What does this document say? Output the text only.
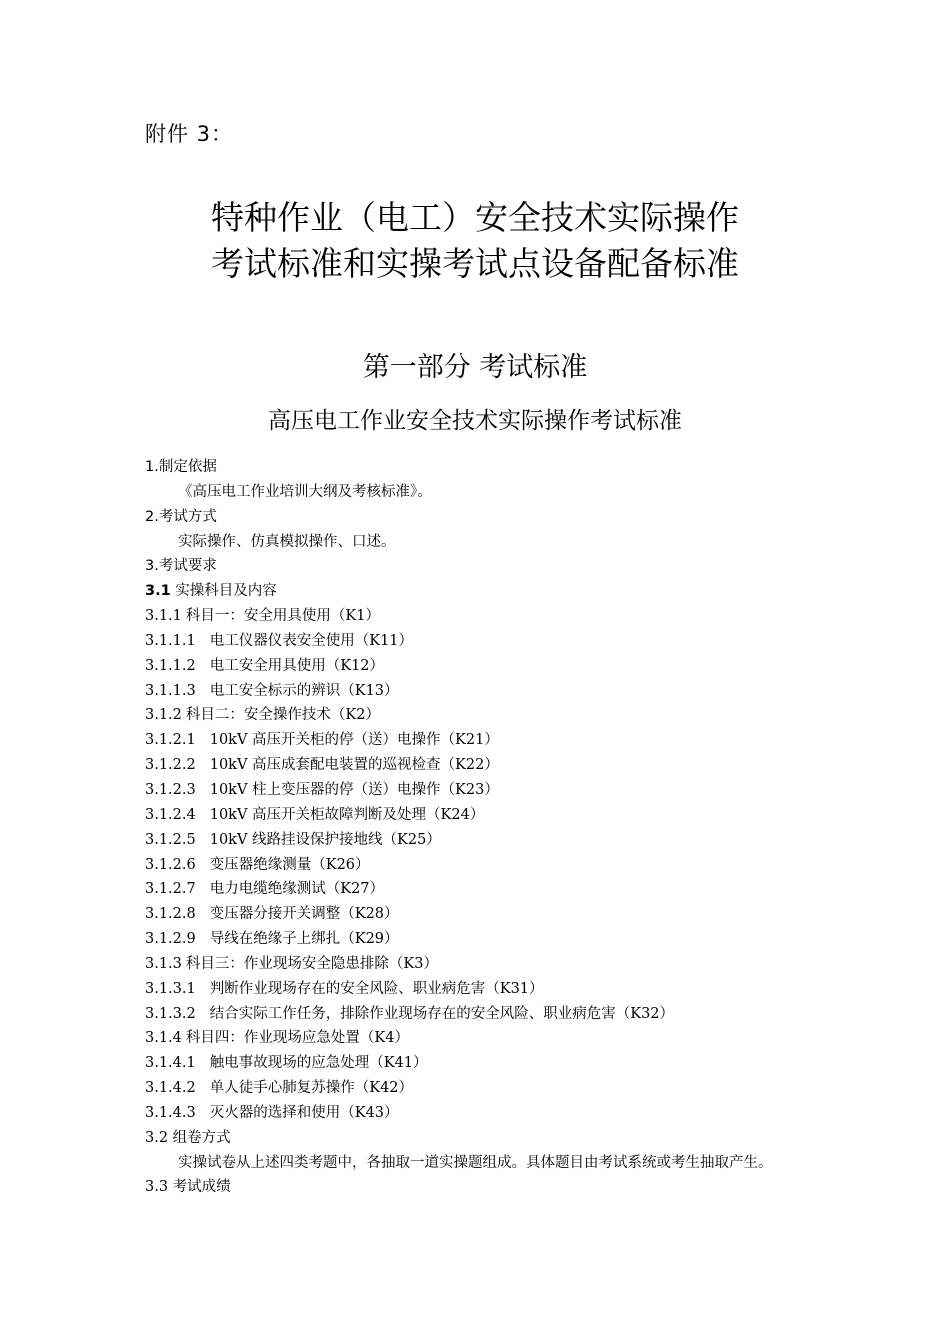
附件 3：
特种作业（电工）安全技术实际操作
考试标准和实操考试点设备配备标准
第一部分 考试标准
高压电工作业安全技术实际操作考试标准
1.制定依据
《高压电工作业培训大纲及考核标准》。
2.考试方式
实际操作、仿真模拟操作、口述。
3.考试要求
3.1 实操科目及内容
3.1.1 科目一：安全用具使用（K1）
3.1.1.1 电工仪器仪表安全使用（K11）
3.1.1.2 电工安全用具使用（K12）
3.1.1.3 电工安全标示的辨识（K13）
3.1.2 科目二：安全操作技术（K2）
3.1.2.1 10kV 高压开关柜的停（送）电操作（K21）
3.1.2.2 10kV 高压成套配电装置的巡视检查（K22）
3.1.2.3 10kV 柱上变压器的停（送）电操作（K23）
3.1.2.4 10kV 高压开关柜故障判断及处理（K24）
3.1.2.5 10kV 线路挂设保护接地线（K25）
3.1.2.6 变压器绝缘测量（K26）
3.1.2.7 电力电缆绝缘测试（K27）
3.1.2.8 变压器分接开关调整（K28）
3.1.2.9 导线在绝缘子上绑扎（K29）
3.1.3 科目三：作业现场安全隐患排除（K3）
3.1.3.1 判断作业现场存在的安全风险、职业病危害（K31）
3.1.3.2 结合实际工作任务，排除作业现场存在的安全风险、职业病危害（K32）
3.1.4 科目四：作业现场应急处置（K4）
3.1.4.1 触电事故现场的应急处理（K41）
3.1.4.2 单人徒手心肺复苏操作（K42）
3.1.4.3 灭火器的选择和使用（K43）
3.2 组卷方式
实操试卷从上述四类考题中，各抽取一道实操题组成。具体题目由考试系统或考生抽取产生。
3.3 考试成绩
